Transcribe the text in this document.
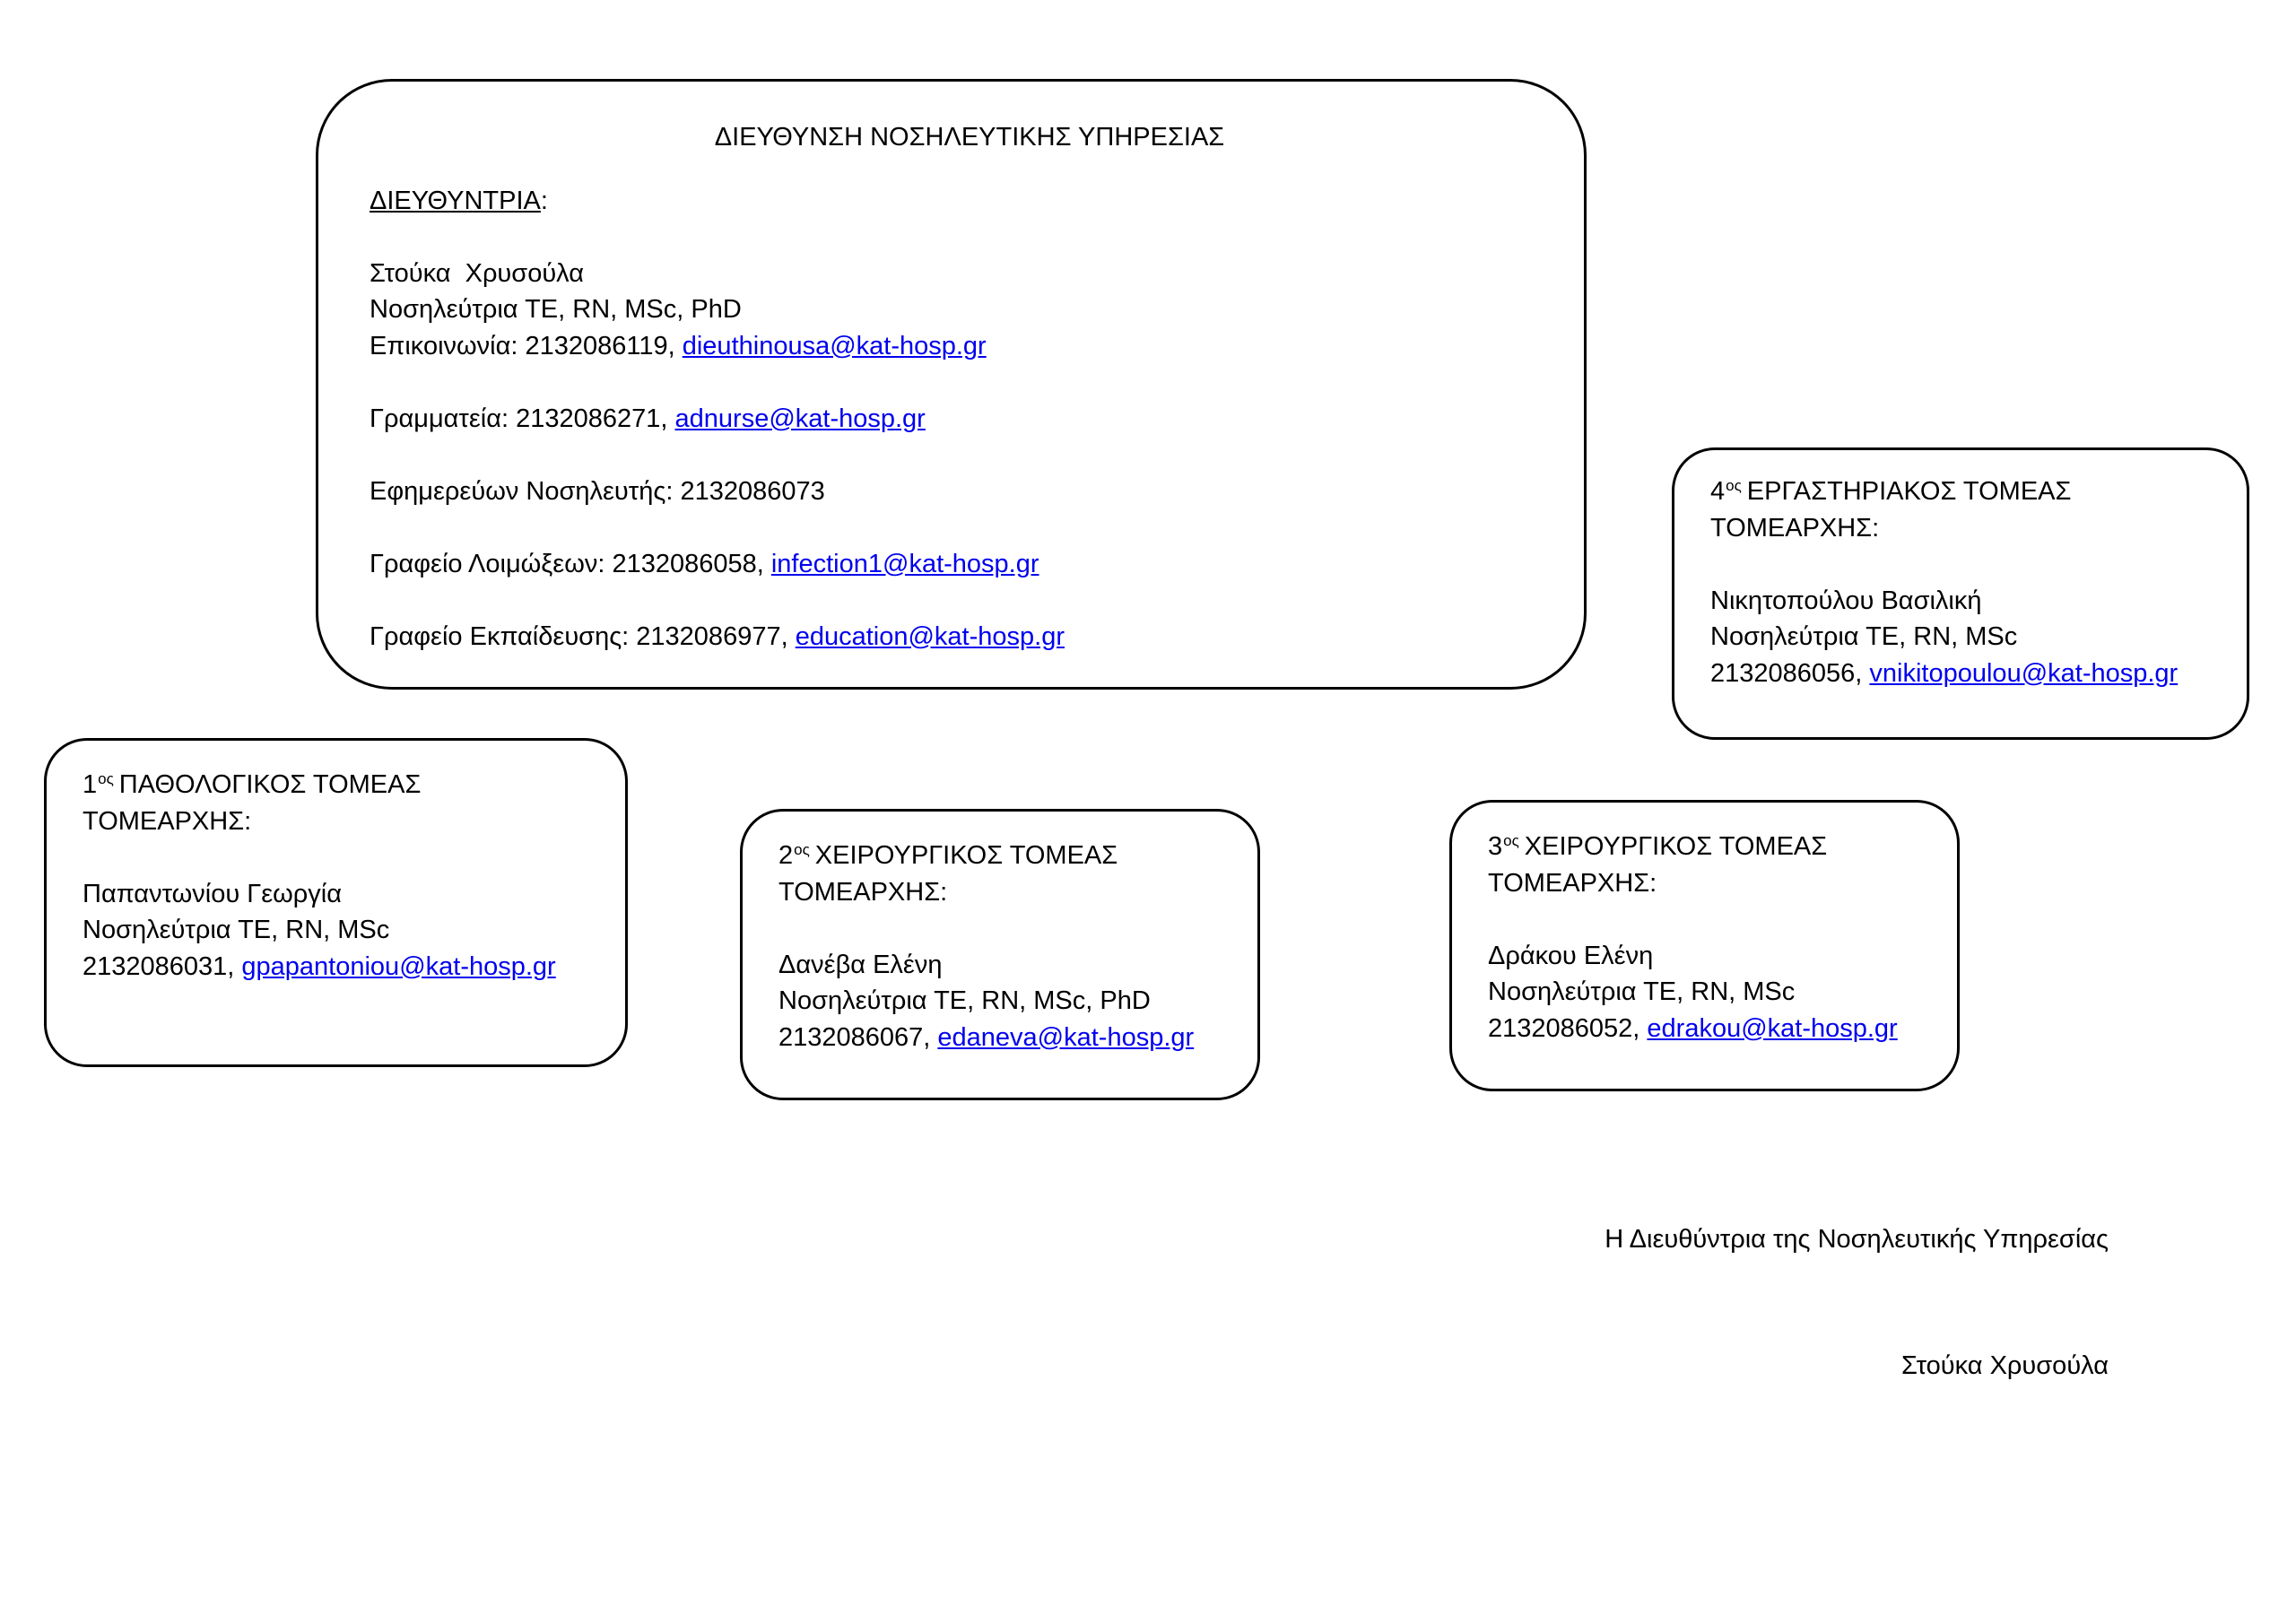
ΔΙΕΥΘΥΝΣΗ ΝΟΣΗΛΕΥΤΙΚΗΣ ΥΠΗΡΕΣΙΑΣ
ΔΙΕΥΘΥΝΤΡΙΑ:
Στούκα  Χρυσούλα
Νοσηλεύτρια ΤΕ, RN, MSc, PhD
Επικοινωνία: 2132086119, dieuthinousa@kat-hosp.gr
Γραμματεία: 2132086271, adnurse@kat-hosp.gr
Εφημερεύων Νοσηλευτής: 2132086073
Γραφείο Λοιμώξεων: 2132086058, infection1@kat-hosp.gr
Γραφείο Εκπαίδευσης: 2132086977, education@kat-hosp.gr
$1^{o\varsigma}$ ΠΑΘΟΛΟΓΙΚΟΣ ΤΟΜΕΑΣ
ΤΟΜΕΑΡΧΗΣ:
Παπαντωνίου Γεωργία
Νοσηλεύτρια ΤΕ, RN, MSc
2132086031, gpapantoniou@kat-hosp.gr
$2^{o\varsigma}$ ΧΕΙΡΟΥΡΓΙΚΟΣ ΤΟΜΕΑΣ
ΤΟΜΕΑΡΧΗΣ:
Δανέβα Ελένη
Νοσηλεύτρια ΤΕ, RN, MSc, PhD
2132086067, edaneva@kat-hosp.gr
$3^{o\varsigma}$ ΧΕΙΡΟΥΡΓΙΚΟΣ ΤΟΜΕΑΣ
ΤΟΜΕΑΡΧΗΣ:
Δράκου Ελένη
Νοσηλεύτρια ΤΕ, RN, MSc
2132086052, edrakou@kat-hosp.gr
$4^{o\varsigma}$ ΕΡΓΑΣΤΗΡΙΑΚΟΣ ΤΟΜΕΑΣ
ΤΟΜΕΑΡΧΗΣ:
Νικητοπούλου Βασιλική
Νοσηλεύτρια ΤΕ, RN, MSc
2132086056, vnikitopoulou@kat-hosp.gr
Η Διευθύντρια της Νοσηλευτικής Υπηρεσίας
Στούκα Χρυσούλα
